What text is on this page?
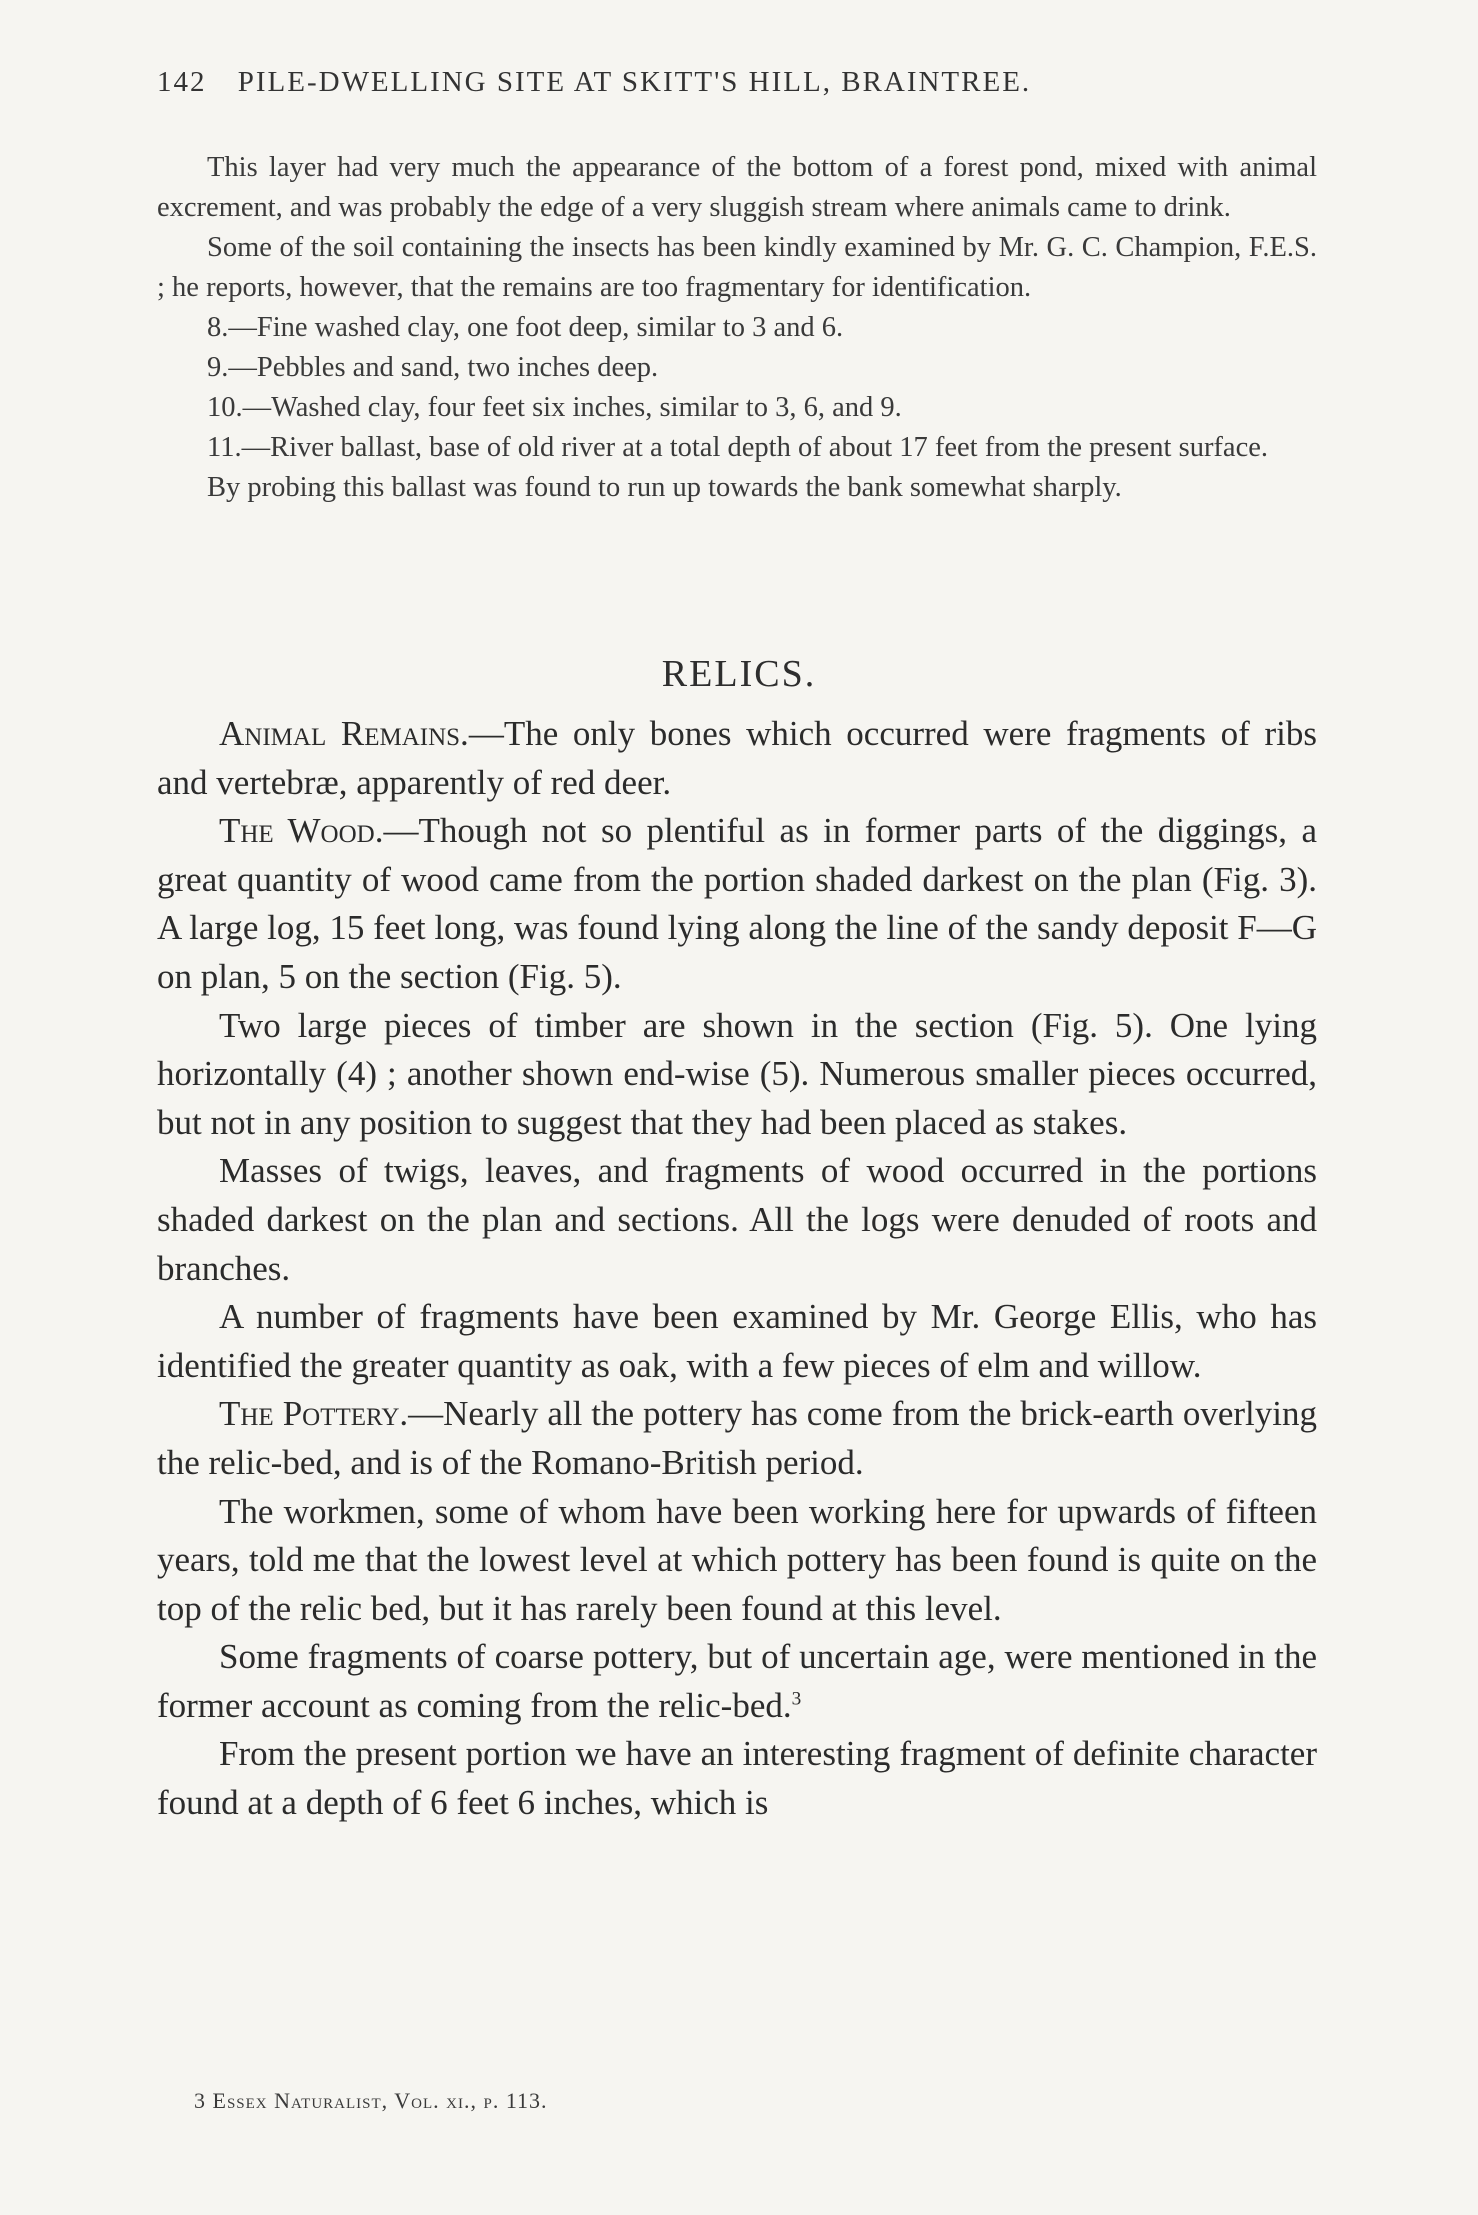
142 PILE-DWELLING SITE AT SKITT'S HILL, BRAINTREE.

This layer had very much the appearance of the bottom of a forest pond, mixed with animal excrement, and was probably the edge of a very sluggish stream where animals came to drink.

Some of the soil containing the insects has been kindly examined by Mr. G. C. Champion, F.E.S. ; he reports, however, that the remains are too fragmentary for identification.

8.—Fine washed clay, one foot deep, similar to 3 and 6.

9.—Pebbles and sand, two inches deep.

10.—Washed clay, four feet six inches, similar to 3, 6, and 9.

11.—River ballast, base of old river at a total depth of about 17 feet from the present surface.

By probing this ballast was found to run up towards the bank somewhat sharply.

RELICS.

Animal Remains.—The only bones which occurred were fragments of ribs and vertebræ, apparently of red deer.

The Wood.—Though not so plentiful as in former parts of the diggings, a great quantity of wood came from the portion shaded darkest on the plan (Fig. 3). A large log, 15 feet long, was found lying along the line of the sandy deposit F—G on plan, 5 on the section (Fig. 5).

Two large pieces of timber are shown in the section (Fig. 5). One lying horizontally (4) ; another shown end-wise (5). Numerous smaller pieces occurred, but not in any position to suggest that they had been placed as stakes.

Masses of twigs, leaves, and fragments of wood occurred in the portions shaded darkest on the plan and sections. All the logs were denuded of roots and branches.

A number of fragments have been examined by Mr. George Ellis, who has identified the greater quantity as oak, with a few pieces of elm and willow.

The Pottery.—Nearly all the pottery has come from the brick-earth overlying the relic-bed, and is of the Romano-British period.

The workmen, some of whom have been working here for upwards of fifteen years, told me that the lowest level at which pottery has been found is quite on the top of the relic bed, but it has rarely been found at this level.

Some fragments of coarse pottery, but of uncertain age, were mentioned in the former account as coming from the relic-bed.$^3$

From the present portion we have an interesting fragment of definite character found at a depth of 6 feet 6 inches, which is

3 Essex Naturalist, Vol. xi., p. 113.
